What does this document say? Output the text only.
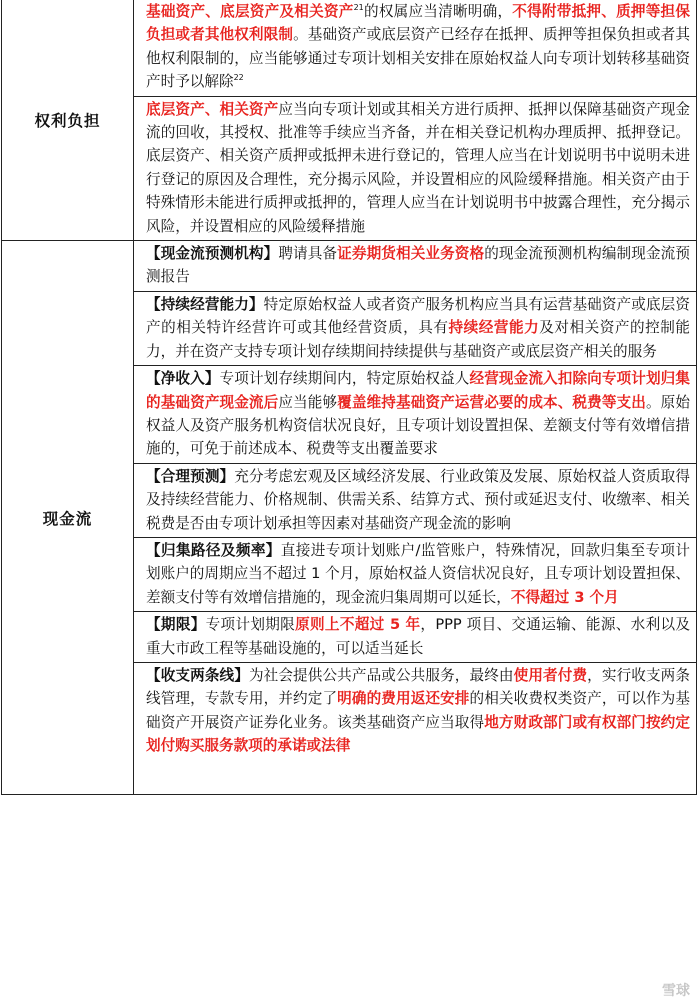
权利负担	基础资产、底层资产及相关资产$^{21}$的权属应当清晰明确，不得附带抵押、质押等担保负担或者其他权利限制。基础资产或底层资产已经存在抵押、质押等担保负担或者其他权利限制的，应当能够通过专项计划相关安排在原始权益人向专项计划转移基础资产时予以解除$^{22}$

	底层资产、相关资产应当向专项计划或其相关方进行质押、抵押以保障基础资产现金流的回收，其授权、批准等手续应当齐备，并在相关登记机构办理质押、抵押登记。底层资产、相关资产质押或抵押未进行登记的，管理人应当在计划说明书中说明未进行登记的原因及合理性，充分揭示风险，并设置相应的风险缓释措施。相关资产由于特殊情形未能进行质押或抵押的，管理人应当在计划说明书中披露合理性，充分揭示风险，并设置相应的风险缓释措施

现金流	【现金流预测机构】聘请具备证券期货相关业务资格的现金流预测机构编制现金流预测报告

	【持续经营能力】特定原始权益人或者资产服务机构应当具有运营基础资产或底层资产的相关特许经营许可或其他经营资质，具有持续经营能力及对相关资产的控制能力，并在资产支持专项计划存续期间持续提供与基础资产或底层资产相关的服务

	【净收入】专项计划存续期间内，特定原始权益人经营现金流入扣除向专项计划归集的基础资产现金流后应当能够覆盖维持基础资产运营必要的成本、税费等支出。原始权益人及资产服务机构资信状况良好，且专项计划设置担保、差额支付等有效增信措施的，可免于前述成本、税费等支出覆盖要求

	【合理预测】充分考虑宏观及区域经济发展、行业政策及发展、原始权益人资质取得及持续经营能力、价格规制、供需关系、结算方式、预付或延迟支付、收缴率、相关税费是否由专项计划承担等因素对基础资产现金流的影响

	【归集路径及频率】直接进专项计划账户/监管账户，特殊情况，回款归集至专项计划账户的周期应当不超过 1 个月，原始权益人资信状况良好，且专项计划设置担保、差额支付等有效增信措施的，现金流归集周期可以延长，不得超过 3 个月

	【期限】专项计划期限原则上不超过 5 年，PPP 项目、交通运输、能源、水利以及重大市政工程等基础设施的，可以适当延长

	【收支两条线】为社会提供公共产品或公共服务，最终由使用者付费，实行收支两条线管理，专款专用，并约定了明确的费用返还安排的相关收费权类资产，可以作为基础资产开展资产证券化业务。该类基础资产应当取得地方财政部门或有权部门按约定划付购买服务款项的承诺或法律
雪球
